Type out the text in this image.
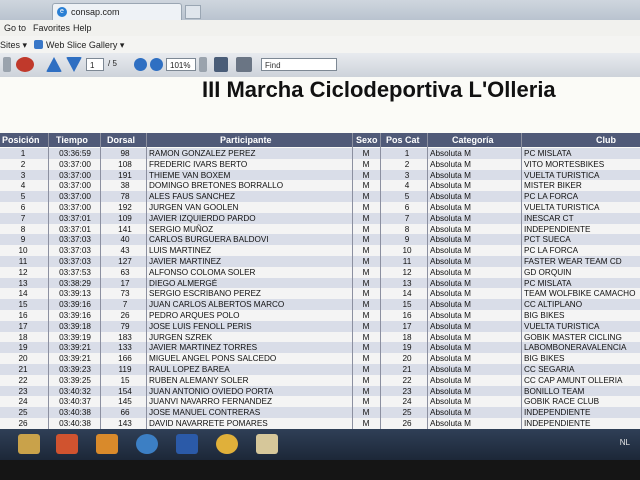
e consap.com
Go to Favorites Help
Sites ▾ Web Slice Gallery ▾
1	/ 5	101%	Find
III Marcha Ciclodeportiva L'Olleria
Posición Tiempo Dorsal	Participante	Sexo Pos Cat	Categoría	Club
1	03:36:59	98	RAMON GONZALEZ PEREZ	M	1	Absoluta M	PC MISLATA
2	03:37:00	108	FREDERIC IVARS BERTO	M	2	Absoluta M	VITO MORTESBIKES
3	03:37:00	191	THIEME VAN BOXEM	M	3	Absoluta M	VUELTA TURISTICA
4	03:37:00	38	DOMINGO BRETONES BORRALLO	M	4	Absoluta M	MISTER BIKER
5	03:37:00	78	ALES FAUS SANCHEZ	M	5	Absoluta M	PC LA FORCA
6	03:37:00	192	JURGEN VAN GOOLEN	M	6	Absoluta M	VUELTA TURISTICA
7	03:37:01	109	JAVIER IZQUIERDO PARDO	M	7	Absoluta M	INESCAR CT
8	03:37:01	141	SERGIO MUÑOZ	M	8	Absoluta M	INDEPENDIENTE
9	03:37:03	40	CARLOS BURGUERA BALDOVI	M	9	Absoluta M	PCT SUECA
10	03:37:03	43	LUIS MARTINEZ	M	10	Absoluta M	PC LA FORCA
11	03:37:03	127	JAVIER MARTINEZ	M	11	Absoluta M	FASTER WEAR TEAM CD
12	03:37:53	63	ALFONSO COLOMA SOLER	M	12	Absoluta M	GD ORQUIN
13	03:38:29	17	DIEGO ALMERGÉ	M	13	Absoluta M	PC MISLATA
14	03:39:13	73	SERGIO ESCRIBANO PEREZ	M	14	Absoluta M	TEAM WOLFBIKE CAMACHO
15	03:39:16	7	JUAN CARLOS ALBERTOS MARCO	M	15	Absoluta M	CC ALTIPLANO
16	03:39:16	26	PEDRO ARQUES POLO	M	16	Absoluta M	BIG BIKES
17	03:39:18	79	JOSE LUIS FENOLL PERIS	M	17	Absoluta M	VUELTA TURISTICA
18	03:39:19	183	JURGEN SZREK	M	18	Absoluta M	GOBIK MASTER CICLING
19	03:39:21	133	JAVIER MARTINEZ TORRES	M	19	Absoluta M	LABOMBONERAVALENCIA
20	03:39:21	166	MIGUEL ANGEL PONS SALCEDO	M	20	Absoluta M	BIG BIKES
21	03:39:23	119	RAUL LOPEZ BAREA	M	21	Absoluta M	CC SEGARIA
22	03:39:25	15	RUBEN ALEMANY SOLER	M	22	Absoluta M	CC CAP AMUNT OLLERIA
23	03:40:32	154	JUAN ANTONIO OVIEDO PORTA	M	23	Absoluta M	BONILLO TEAM
24	03:40:37	145	JUANVI NAVARRO FERNANDEZ	M	24	Absoluta M	GOBIK RACE CLUB
25	03:40:38	66	JOSE MANUEL CONTRERAS	M	25	Absoluta M	INDEPENDIENTE
26	03:40:38	143	DAVID NAVARRETE POMARES	M	26	Absoluta M	INDEPENDIENTE
NL
